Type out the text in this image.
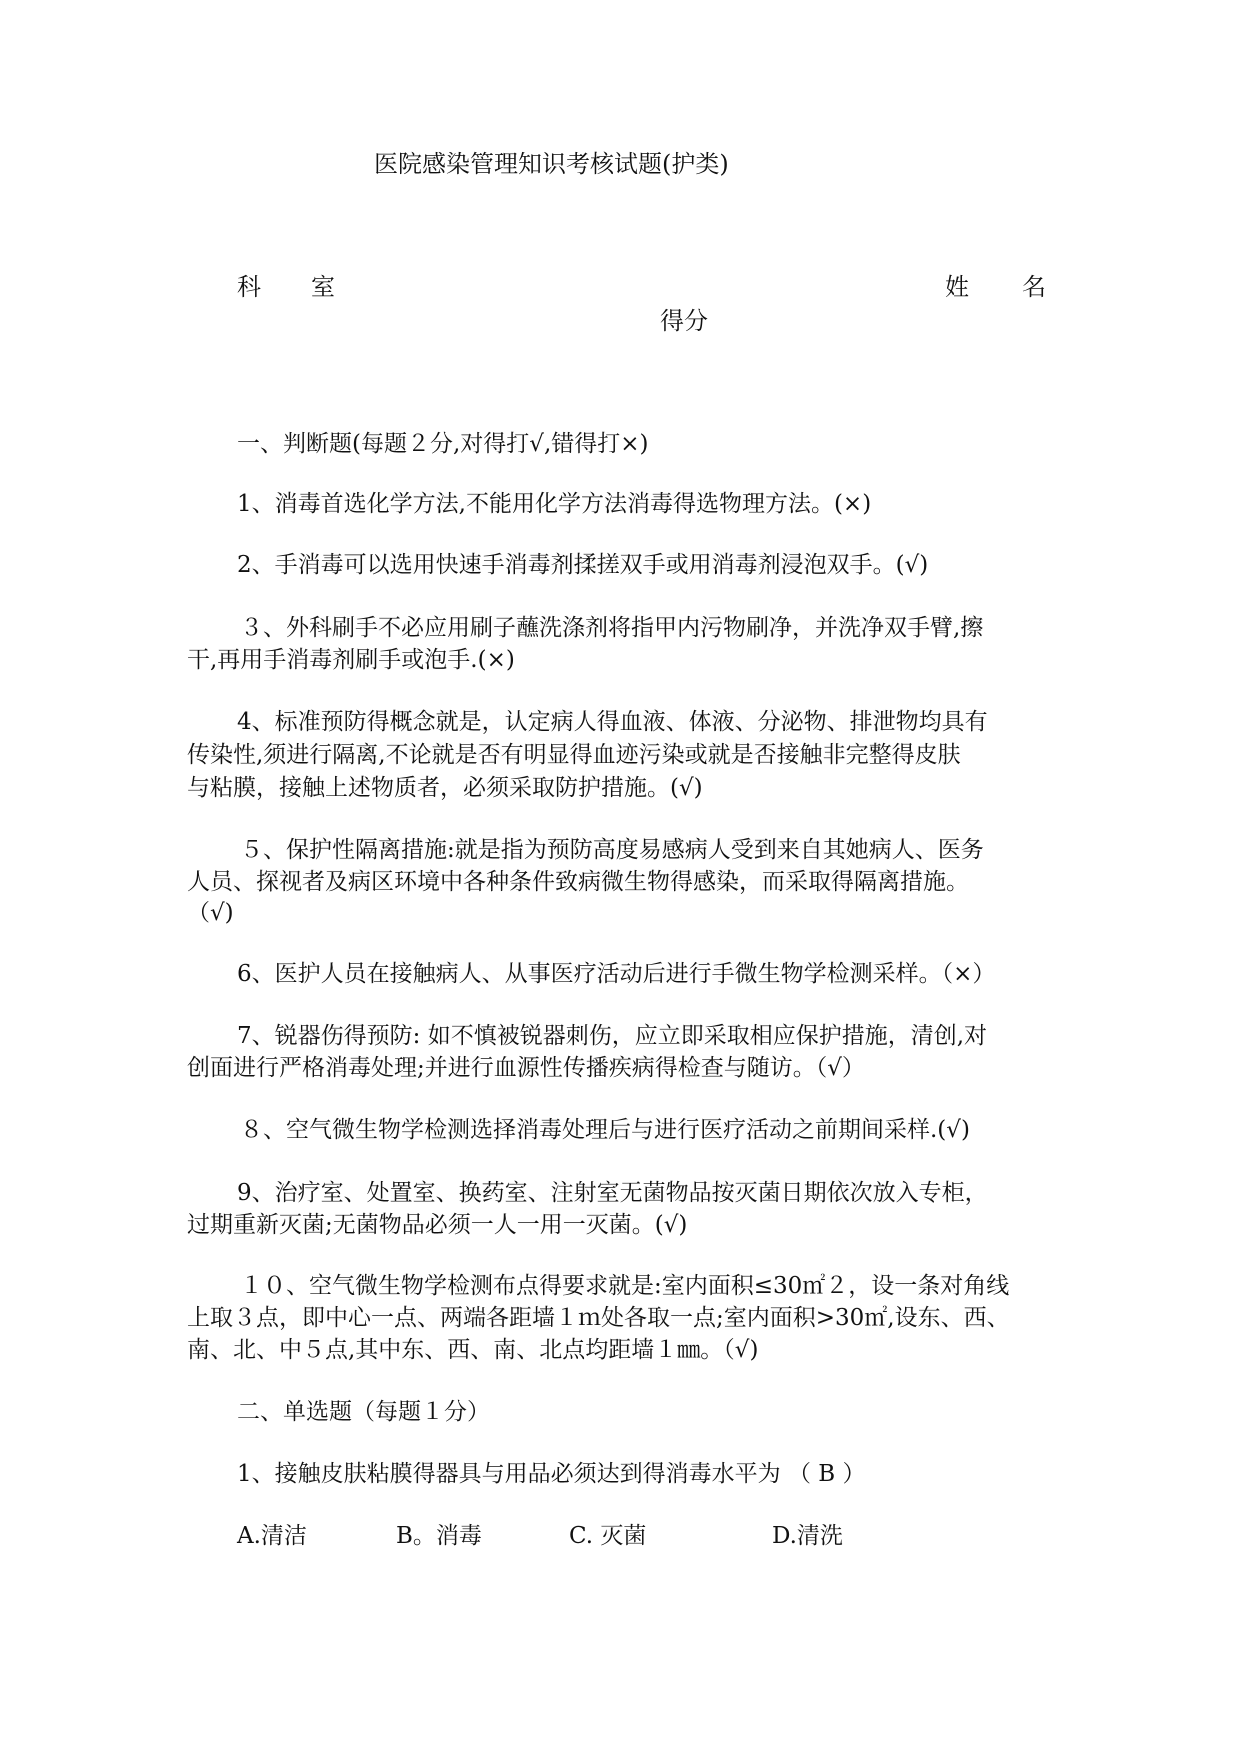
医院感染管理知识考核试题(护类)
科 室	姓 名
得分
一、判断题(每题２分,对得打√,错得打×)
1、消毒首选化学方法,不能用化学方法消毒得选物理方法。(×)
2、手消毒可以选用快速手消毒剂揉搓双手或用消毒剂浸泡双手。(√)
３、外科刷手不必应用刷子蘸洗涤剂将指甲内污物刷净，并洗净双手臂,擦
干,再用手消毒剂刷手或泡手.(×)
4、标准预防得概念就是，认定病人得血液、体液、分泌物、排泄物均具有
传染性,须进行隔离,不论就是否有明显得血迹污染或就是否接触非完整得皮肤
与粘膜，接触上述物质者，必须采取防护措施。(√)
５、保护性隔离措施:就是指为预防高度易感病人受到来自其她病人、医务
人员、探视者及病区环境中各种条件致病微生物得感染，而采取得隔离措施。
（√)
6、医护人员在接触病人、从事医疗活动后进行手微生物学检测采样。（×）
7、锐器伤得预防: 如不慎被锐器刺伤，应立即采取相应保护措施，清创,对
创面进行严格消毒处理;并进行血源性传播疾病得检查与随访。（√）
８、空气微生物学检测选择消毒处理后与进行医疗活动之前期间采样.(√)
9、治疗室、处置室、换药室、注射室无菌物品按灭菌日期依次放入专柜，
过期重新灭菌;无菌物品必须一人一用一灭菌。(√)
１０、空气微生物学检测布点得要求就是:室内面积≤30㎡２，设一条对角线
上取３点，即中心一点、两端各距墙１ｍ处各取一点;室内面积>30㎡,设东、西、
南、北、中５点,其中东、西、南、北点均距墙１㎜。（√)
二、单选题（每题１分）
1、接触皮肤粘膜得器具与用品必须达到得消毒水平为 （ B ）
A.清洁	B。消毒	C. 灭菌	D.清洗
